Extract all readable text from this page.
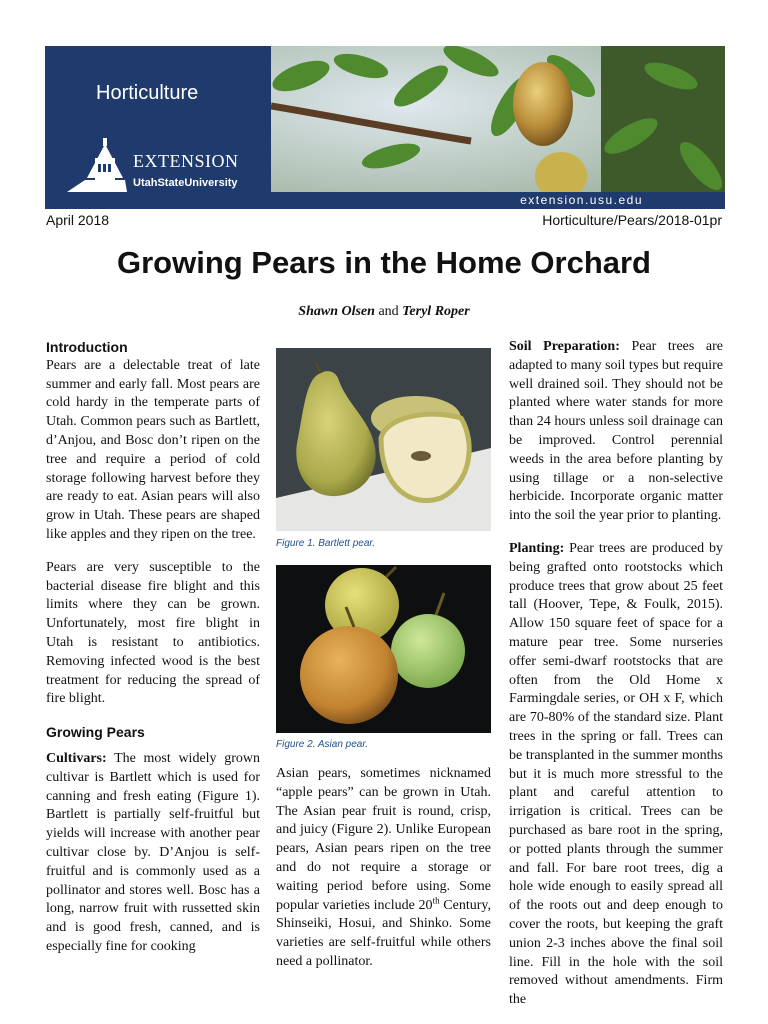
Horticulture
EXTENSION
UtahStateUniversity
extension.usu.edu
April 2018	Horticulture/Pears/2018-01pr
Growing Pears in the Home Orchard
Shawn Olsen and Teryl Roper
Introduction

Pears are a delectable treat of late summer and early fall. Most pears are cold hardy in the temperate parts of Utah. Common pears such as Bartlett, d’Anjou, and Bosc don’t ripen on the tree and require a period of cold storage following harvest before they are ready to eat. Asian pears will also grow in Utah. These pears are shaped like apples and they ripen on the tree.

Pears are very susceptible to the bacterial disease fire blight and this limits where they can be grown. Unfortunately, most fire blight in Utah is resistant to antibiotics. Removing infected wood is the best treatment for reducing the spread of fire blight.

Growing Pears

Cultivars: The most widely grown cultivar is Bartlett which is used for canning and fresh eating (Figure 1). Bartlett is partially self-fruitful but yields will increase with another pear cultivar close by. D’Anjou is self-fruitful and is commonly used as a pollinator and stores well. Bosc has a long, narrow fruit with russetted skin and is good fresh, canned, and is especially fine for cooking

Figure 1. Bartlett pear.
Figure 2. Asian pear.

Asian pears, sometimes nicknamed “apple pears” can be grown in Utah. The Asian pear fruit is round, crisp, and juicy (Figure 2). Unlike European pears, Asian pears ripen on the tree and do not require a storage or waiting period before using. Some popular varieties include 20th Century, Shinseiki, Hosui, and Shinko. Some varieties are self-fruitful while others need a pollinator.

Soil Preparation: Pear trees are adapted to many soil types but require well drained soil. They should not be planted where water stands for more than 24 hours unless soil drainage can be improved. Control perennial weeds in the area before planting by using tillage or a non-selective herbicide. Incorporate organic matter into the soil the year prior to planting.

Planting: Pear trees are produced by being grafted onto rootstocks which produce trees that grow about 25 feet tall (Hoover, Tepe, & Foulk, 2015). Allow 150 square feet of space for a mature pear tree. Some nurseries offer semi-dwarf rootstocks that are often from the Old Home x Farmingdale series, or OH x F, which are 70-80% of the standard size. Plant trees in the spring or fall. Trees can be transplanted in the summer months but it is much more stressful to the plant and careful attention to irrigation is critical. Trees can be purchased as bare root in the spring, or potted plants through the summer and fall. For bare root trees, dig a hole wide enough to easily spread all of the roots out and deep enough to cover the roots, but keeping the graft union 2-3 inches above the final soil line. Fill in the hole with the soil removed without amendments. Firm the
